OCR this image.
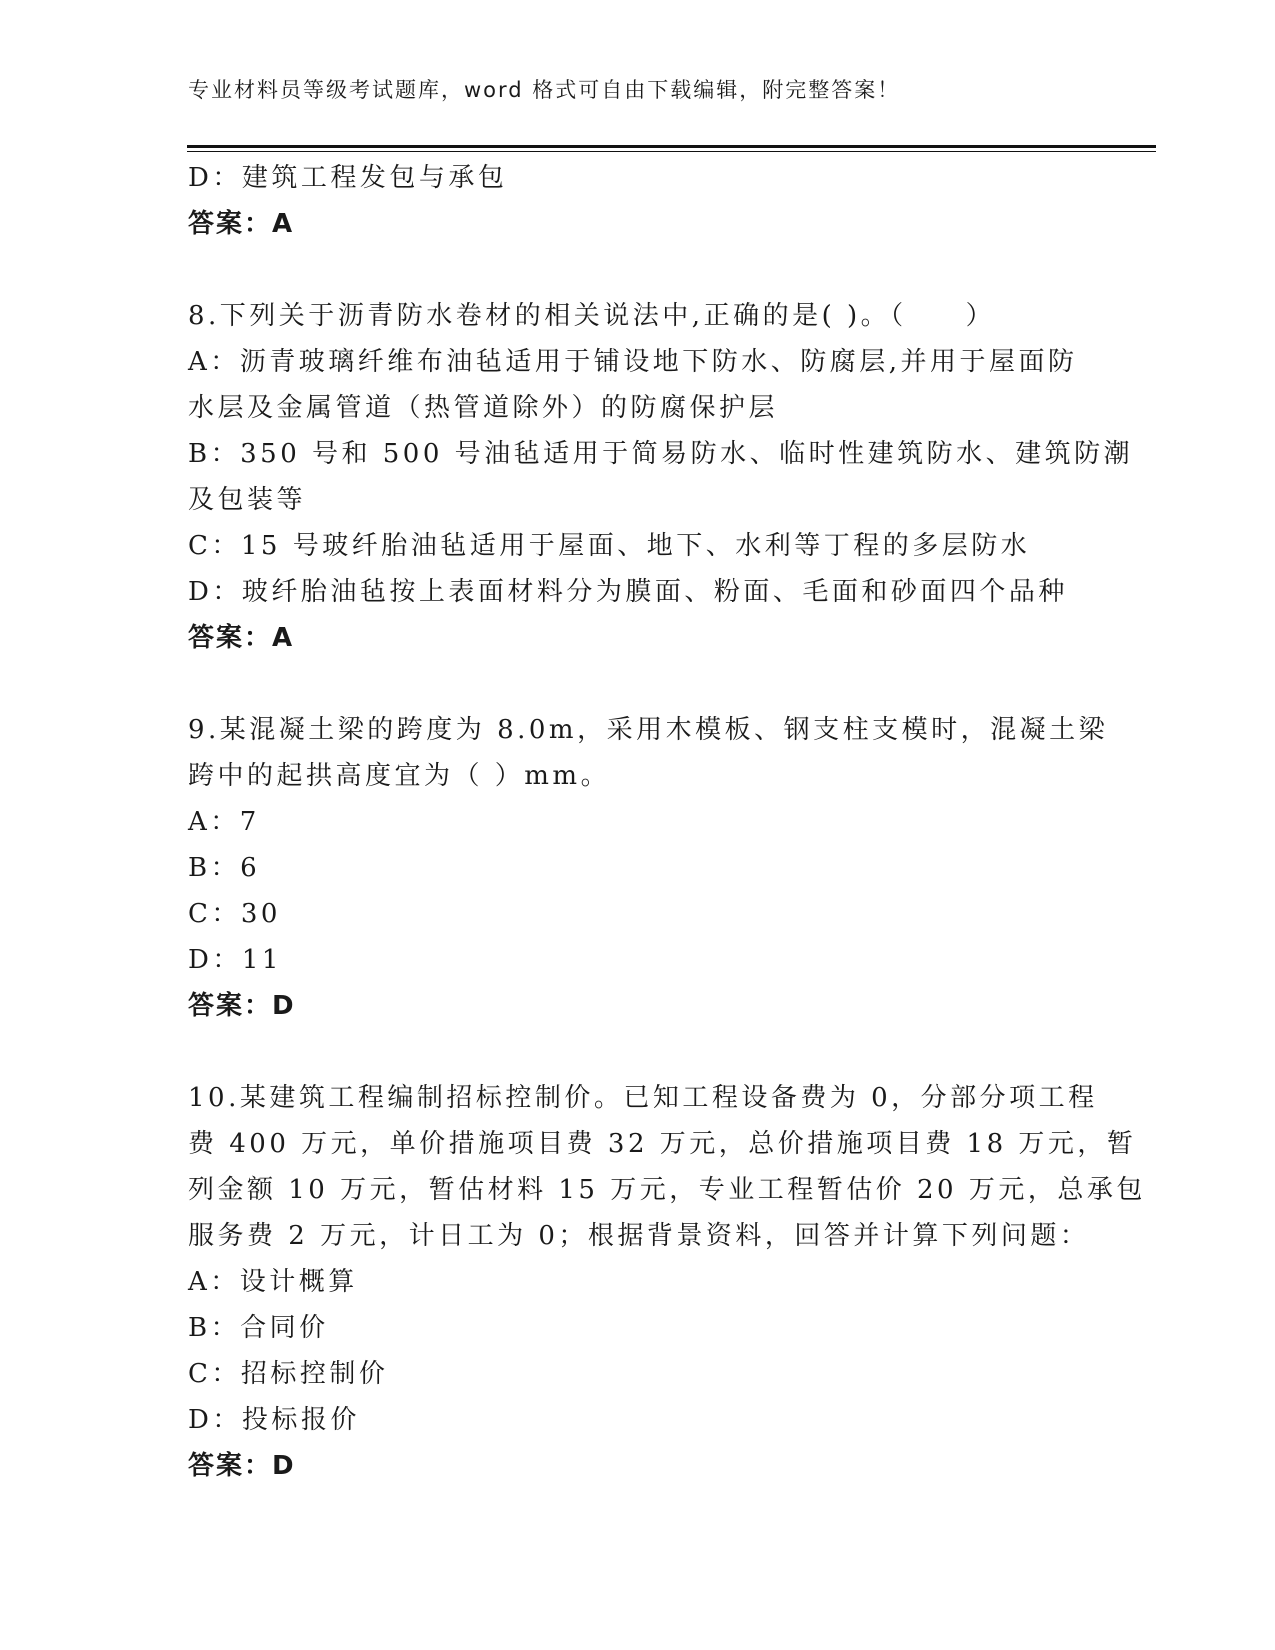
专业材料员等级考试题库，word 格式可自由下载编辑，附完整答案！
D：建筑工程发包与承包
答案：A
8.下列关于沥青防水卷材的相关说法中,正确的是( )。（　　）
A：沥青玻璃纤维布油毡适用于铺设地下防水、防腐层,并用于屋面防
水层及金属管道（热管道除外）的防腐保护层
B：350 号和 500 号油毡适用于简易防水、临时性建筑防水、建筑防潮
及包装等
C：15 号玻纤胎油毡适用于屋面、地下、水利等丁程的多层防水
D：玻纤胎油毡按上表面材料分为膜面、粉面、毛面和砂面四个品种
答案：A
9.某混凝土梁的跨度为 8.0m，采用木模板、钢支柱支模时，混凝土梁
跨中的起拱高度宜为（ ）mm。
A：7
B：6
C：30
D：11
答案：D
10.某建筑工程编制招标控制价。已知工程设备费为 0，分部分项工程
费 400 万元，单价措施项目费 32 万元，总价措施项目费 18 万元，暂
列金额 10 万元，暂估材料 15 万元，专业工程暂估价 20 万元，总承包
服务费 2 万元，计日工为 0；根据背景资料，回答并计算下列问题：
A：设计概算
B：合同价
C：招标控制价
D：投标报价
答案：D
